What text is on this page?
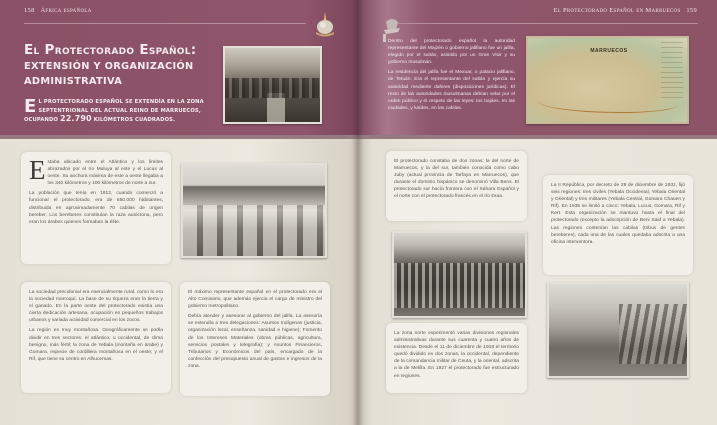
158 África española	El Protectorado Español en Marruecos 159
El Protectorado Español:
EXTENSIÓN Y ORGANIZACIÓN
ADMINISTRATIVA
E L PROTECTORADO ESPAÑOL SE EXTENDÍA EN LA ZONA SEPTENTRIONAL DEL ACTUAL REINO DE MARRUECOS, OCUPANDO 22.790 KILÓMETROS CUADRADOS.
MARRUECOS

Dentro del protectorado español la autoridad representante del Majzén o gobierno jalifiano fue un jalifa, elegido por el sultán, asistido por un Gran Visir y su gobierno musulmán.

La residencia del jalifa fue el Mexuar, o palacio jalifiano, de Tetuán. Era el representante del sultán y ejercía su autoridad mediante dahires (disposiciones jurídicas). El resto de las autoridades musulmanas debían velar por el orden público y el respeto de las leyes: los bajáes, en las ciudades, y kaídes, en las cabilas.

E staba ubicado entre el Atlántico y los límites abrazados por el río Muluya al este y el Lucus al oeste. Su anchura máxima de este a oeste llegaba a los 340 kilómetros y 100 kilómetros de norte a sur.

La población que tenía en 1912, cuando comenzó a funcionar el protectorado, era de 650.000 habitantes, distribuida en aproximadamente 70 cabilas de origen bereber. Los bereberes constituían la raza autóctona, pero eran los árabes quienes formaban la élite.

La sociedad precolonial era esencialmente rural, como lo era la sociedad marroquí. La base de su riqueza eran la tierra y el ganado. En la parte oeste del protectorado existía una cierta dedicación artesana, ocupación en pequeños trabajos urbanos y variada actividad comercial en los zocos.

La región es muy montañosa. Geográficamente se podía dividir en tres sectores: el atlántico, u occidental, de clima benigno, más fértil; la zona de Yebala (montaña en árabe) y Gomara, especie de cordillera montañosa en el oeste; y el Rif, que tiene su centro en Alhucemas.

El máximo representante español en el protectorado era el Alto Comisario, que además ejercía el cargo de ministro del gobierno metropolitano.

Debía atender y asesorar al gobierno del jalifa. La asesoría se extendía a tres delegaciones: Asuntos Indígenas (justicia, organización local, enseñanza, sanidad e higiene); Fomento de los Intereses Materiales (obras públicas, agricultura, servicios postales y telegrafía); y Asuntos Financieros, Tributarios y Económicos del país, encargado de la confección del presupuesto anual de gastos e ingresos de la zona.

El protectorado constaba de dos zonas: la del norte de Marruecos, y la del sur, también conocida como cabo Juby (actual provincia de Tarfaya en Marruecos), que durante el dominio hispánico se denominó Villa Bens. El protectorado sur hacía frontera con el Sáhara Español y el norte con el protectorado francés en el río Draa.

La zona norte experimentó varias divisiones regionales administrativas durante sus cuarenta y cuatro años de existencia. Desde el 11 de diciembre de 1918 el territorio quedó dividido en dos zonas, la occidental, dependiente de la comandancia militar de Ceuta, y la oriental, adscrita a la de Melilla. En 1927 el protectorado fue estructurado en regiones.

La II República, por decreto de 29 de diciembre de 1931, fijó seis regiones: tres civiles (Yebala Occidental, Yebala Oriental y Oriental) y tres militares (Yebala Central, Gomara Chauen y Rif). En 1935 se limitó a cinco: Yebala, Lucus, Gomara, Rif y Kert. Esta organización se mantuvo hasta el final del protectorado (excepto la adscripción de Beni Said a Yebala). Las regiones contenían las cabilas (tribus de gentes bereberes), cada una de las cuales quedaba adscrita a una oficina interventora.
